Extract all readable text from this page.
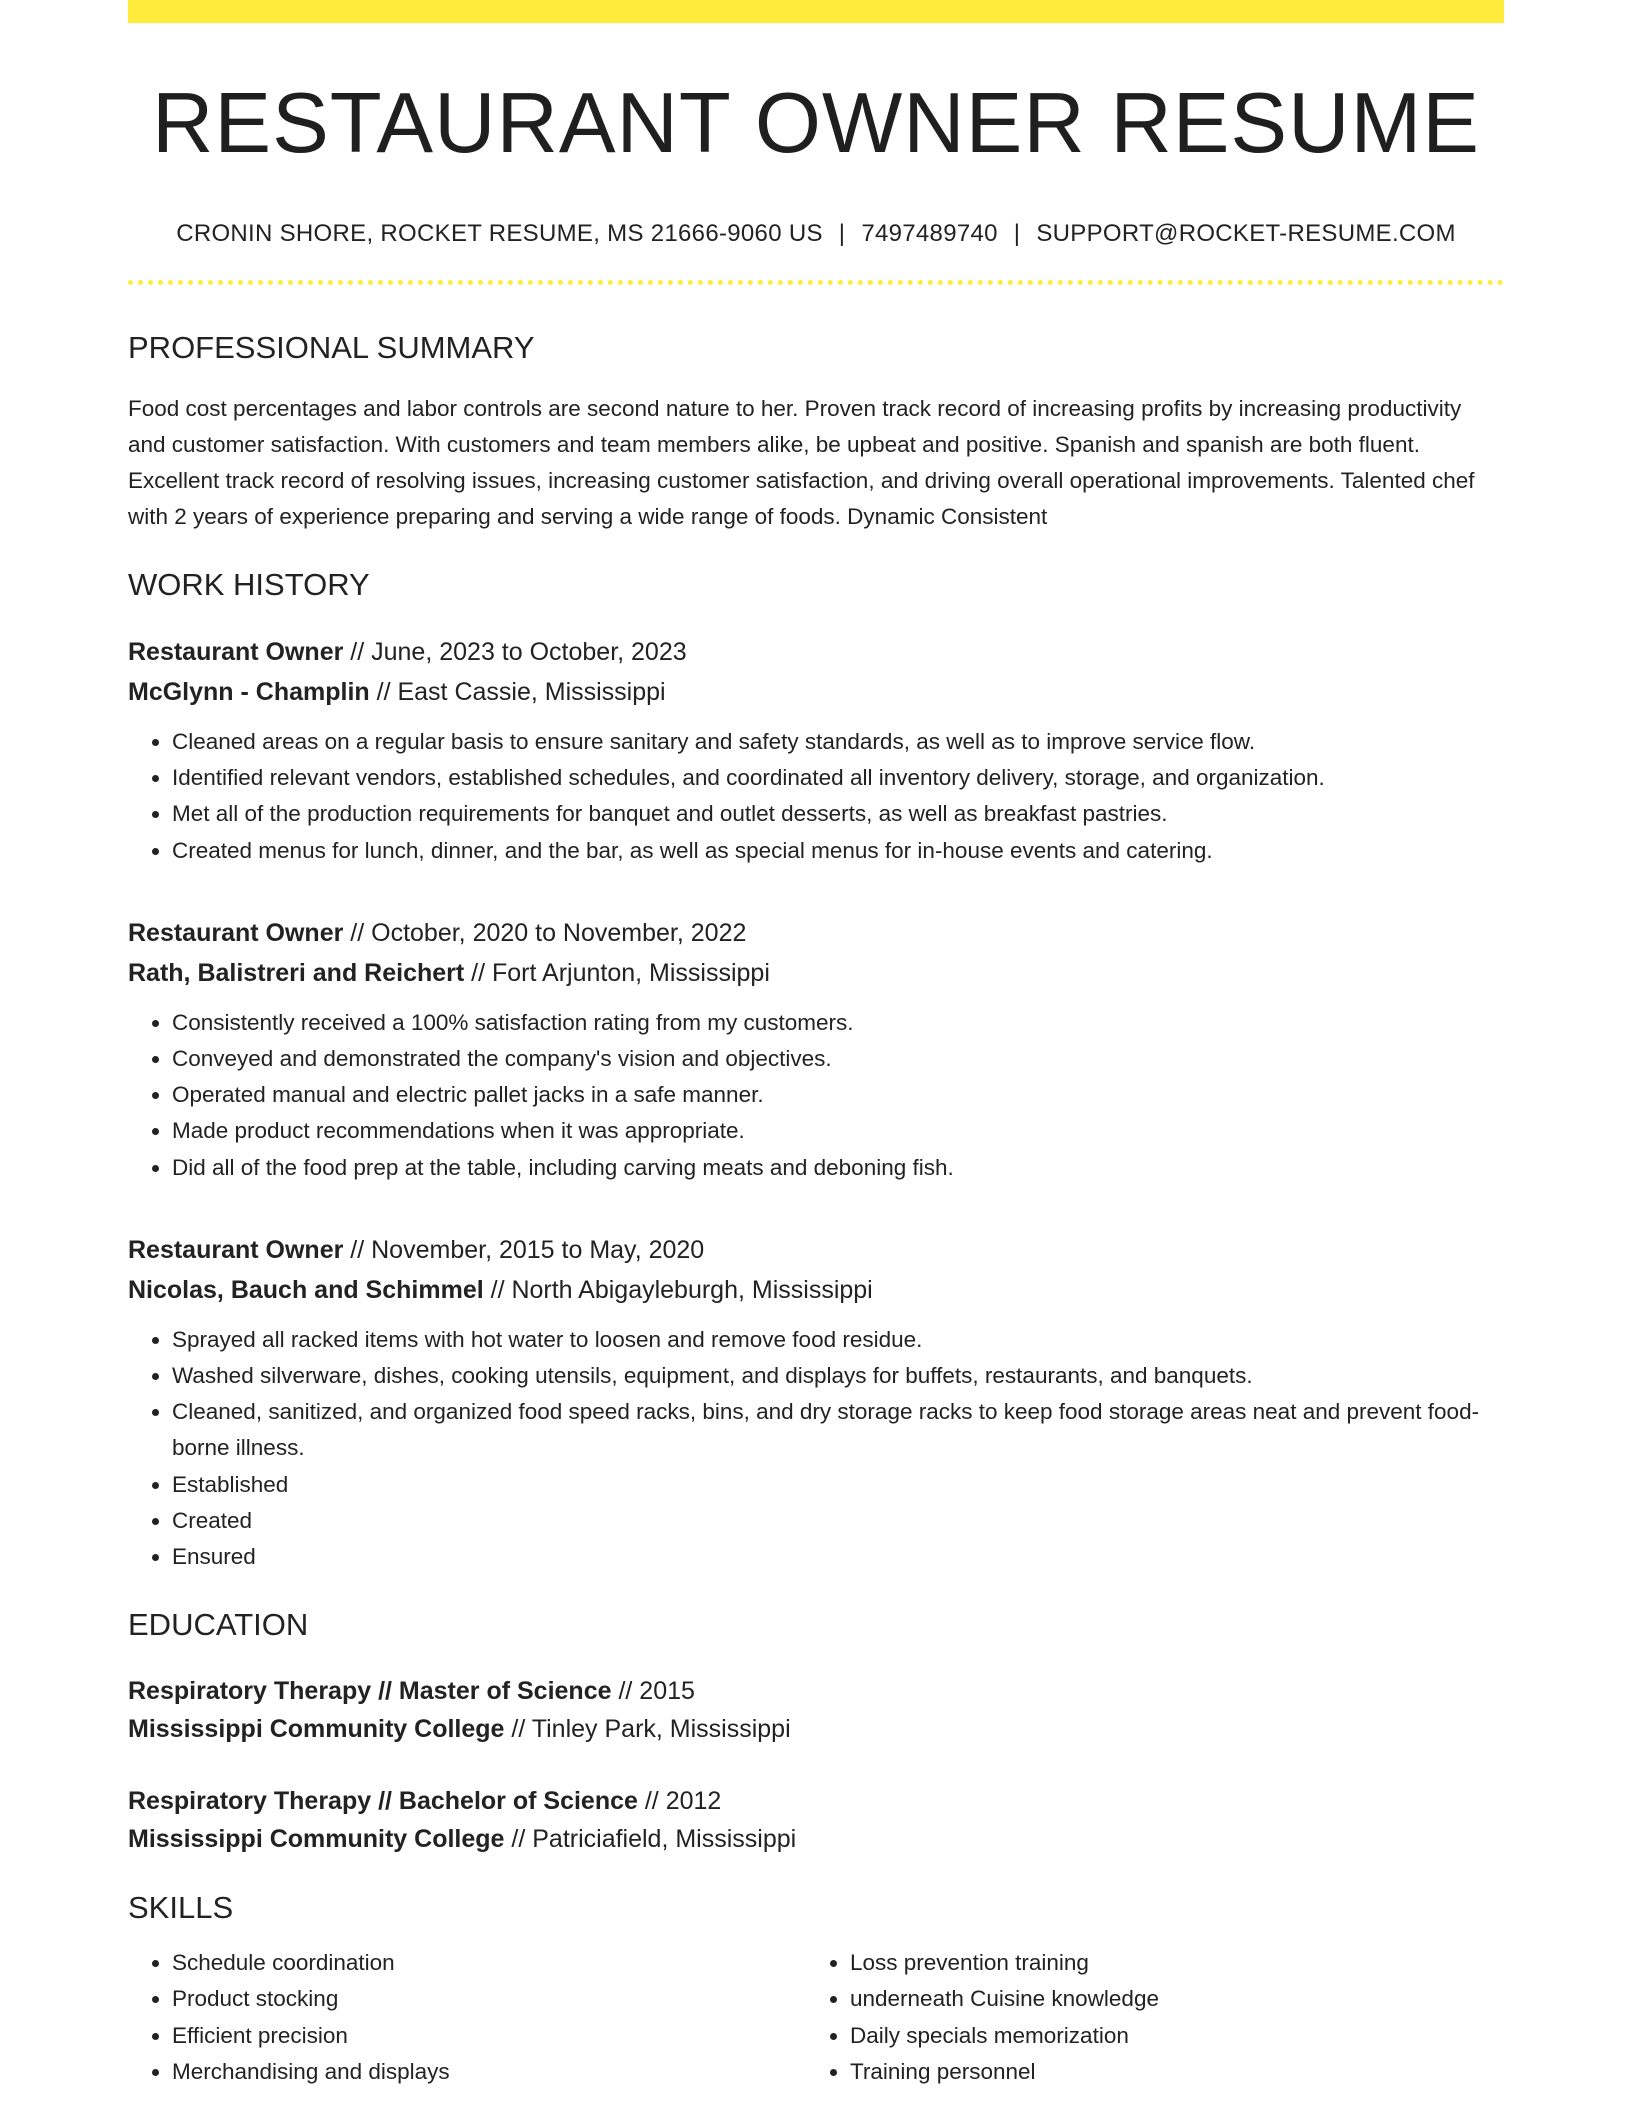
RESTAURANT OWNER RESUME
CRONIN SHORE, ROCKET RESUME, MS 21666-9060 US | 7497489740 | SUPPORT@ROCKET-RESUME.COM
PROFESSIONAL SUMMARY

Food cost percentages and labor controls are second nature to her. Proven track record of increasing profits by increasing productivity and customer satisfaction. With customers and team members alike, be upbeat and positive. Spanish and spanish are both fluent. Excellent track record of resolving issues, increasing customer satisfaction, and driving overall operational improvements. Talented chef with 2 years of experience preparing and serving a wide range of foods. Dynamic Consistent

WORK HISTORY
Restaurant Owner // June, 2023 to October, 2023
McGlynn - Champlin // East Cassie, Mississippi
• Cleaned areas on a regular basis to ensure sanitary and safety standards, as well as to improve service flow.
• Identified relevant vendors, established schedules, and coordinated all inventory delivery, storage, and organization.
• Met all of the production requirements for banquet and outlet desserts, as well as breakfast pastries.
• Created menus for lunch, dinner, and the bar, as well as special menus for in-house events and catering.
Restaurant Owner // October, 2020 to November, 2022
Rath, Balistreri and Reichert // Fort Arjunton, Mississippi
• Consistently received a 100% satisfaction rating from my customers.
• Conveyed and demonstrated the company's vision and objectives.
• Operated manual and electric pallet jacks in a safe manner.
• Made product recommendations when it was appropriate.
• Did all of the food prep at the table, including carving meats and deboning fish.
Restaurant Owner // November, 2015 to May, 2020
Nicolas, Bauch and Schimmel // North Abigayleburgh, Mississippi
• Sprayed all racked items with hot water to loosen and remove food residue.
• Washed silverware, dishes, cooking utensils, equipment, and displays for buffets, restaurants, and banquets.
• Cleaned, sanitized, and organized food speed racks, bins, and dry storage racks to keep food storage areas neat and prevent food-borne illness.
• Established
• Created
• Ensured
EDUCATION
Respiratory Therapy // Master of Science // 2015
Mississippi Community College // Tinley Park, Mississippi
Respiratory Therapy // Bachelor of Science // 2012
Mississippi Community College // Patriciafield, Mississippi
SKILLS
• Schedule coordination
• Product stocking
• Efficient precision
• Merchandising and displays
• Loss prevention training
• underneath Cuisine knowledge
• Daily specials memorization
• Training personnel
